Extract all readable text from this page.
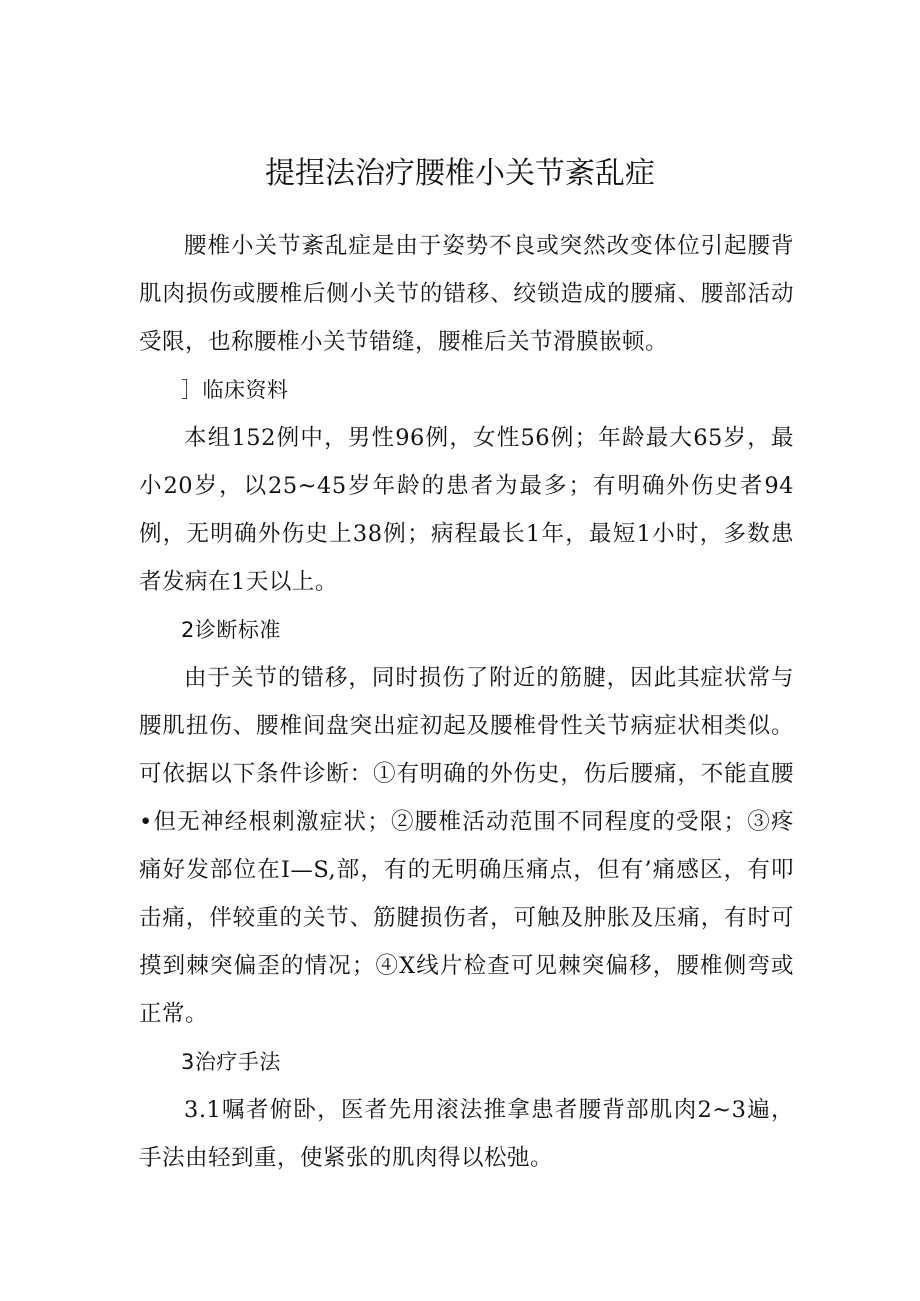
提捏法治疗腰椎小关节紊乱症

腰椎小关节紊乱症是由于姿势不良或突然改变体位引起腰背肌肉损伤或腰椎后侧小关节的错移、绞锁造成的腰痛、腰部活动受限，也称腰椎小关节错缝，腰椎后关节滑膜嵌顿。

］临床资料

本组152例中，男性96例，女性56例；年龄最大65岁，最小20岁，以25~45岁年龄的患者为最多；有明确外伤史者94例，无明确外伤史上38例；病程最长1年，最短1小时，多数患者发病在1天以上。

2诊断标准

由于关节的错移，同时损伤了附近的筋腱，因此其症状常与腰肌扭伤、腰椎间盘突出症初起及腰椎骨性关节病症状相类似。可依据以下条件诊断：①有明确的外伤史，伤后腰痛，不能直腰•但无神经根刺激症状；②腰椎活动范围不同程度的受限；③疼痛好发部位在I—S,部，有的无明确压痛点，但有’痛感区，有叩击痛，伴较重的关节、筋腱损伤者，可触及肿胀及压痛，有时可摸到棘突偏歪的情况；④X线片检查可见棘突偏移，腰椎侧弯或正常。

3治疗手法

3.1嘱者俯卧，医者先用滚法推拿患者腰背部肌肉2~3遍，手法由轻到重，使紧张的肌肉得以松弛。
